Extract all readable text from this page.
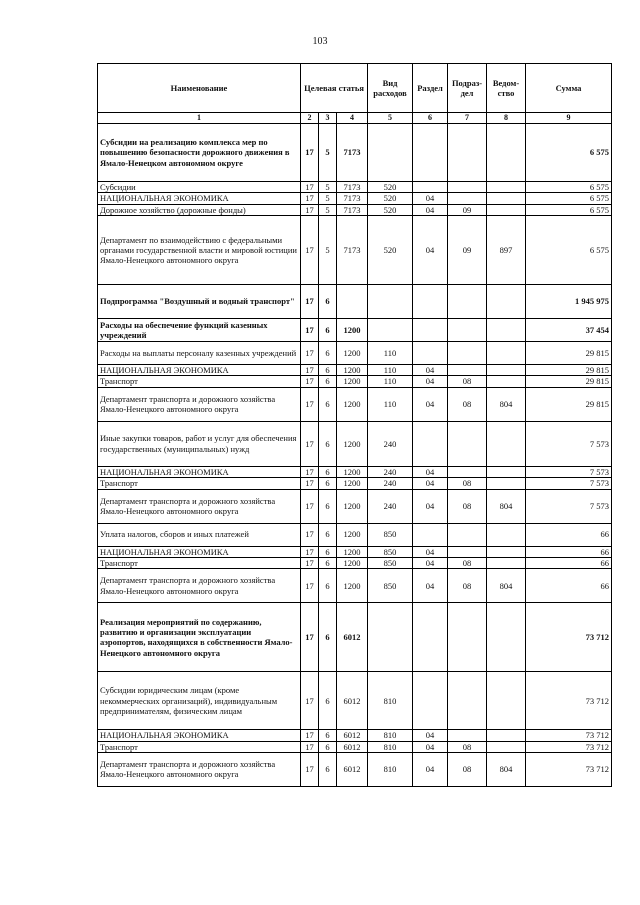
103
Наименование	Целевая статья			Вид расходов	Раздел	Подраз-дел	Ведом-ство	Сумма
1	2	3	4	5	6	7	8	9
Субсидии на реализацию комплекса мер по повышению безопасности дорожного движения в Ямало-Ненецком автономном округе	17	5	7173					6 575
Субсидии	17	5	7173	520				6 575
НАЦИОНАЛЬНАЯ ЭКОНОМИКА	17	5	7173	520	04			6 575
Дорожное хозяйство (дорожные фонды)	17	5	7173	520	04	09		6 575
Департамент по взаимодействию с федеральными органами государственной власти и мировой юстиции Ямало-Ненецкого автономного округа	17	5	7173	520	04	09	897	6 575
Подпрограмма "Воздушный и водный транспорт"	17	6						1 945 975
Расходы на обеспечение функций казенных учреждений	17	6	1200					37 454
Расходы на выплаты персоналу казенных учреждений	17	6	1200	110				29 815
НАЦИОНАЛЬНАЯ ЭКОНОМИКА	17	6	1200	110	04			29 815
Транспорт	17	6	1200	110	04	08		29 815
Департамент транспорта и дорожного хозяйства Ямало-Ненецкого автономного округа	17	6	1200	110	04	08	804	29 815
Иные закупки товаров, работ и услуг для обеспечения государственных (муниципальных) нужд	17	6	1200	240				7 573
НАЦИОНАЛЬНАЯ ЭКОНОМИКА	17	6	1200	240	04			7 573
Транспорт	17	6	1200	240	04	08		7 573
Департамент транспорта и дорожного хозяйства Ямало-Ненецкого автономного округа	17	6	1200	240	04	08	804	7 573
Уплата налогов, сборов и иных платежей	17	6	1200	850				66
НАЦИОНАЛЬНАЯ ЭКОНОМИКА	17	6	1200	850	04			66
Транспорт	17	6	1200	850	04	08		66
Департамент транспорта и дорожного хозяйства Ямало-Ненецкого автономного округа	17	6	1200	850	04	08	804	66
Реализация мероприятий по содержанию, развитию и организации эксплуатации аэропортов, находящихся в собственности Ямало-Ненецкого автономного округа	17	6	6012					73 712
Субсидии юридическим лицам (кроме некоммерческих организаций), индивидуальным предпринимателям, физическим лицам	17	6	6012	810				73 712
НАЦИОНАЛЬНАЯ ЭКОНОМИКА	17	6	6012	810	04			73 712
Транспорт	17	6	6012	810	04	08		73 712
Департамент транспорта и дорожного хозяйства Ямало-Ненецкого автономного округа	17	6	6012	810	04	08	804	73 712
